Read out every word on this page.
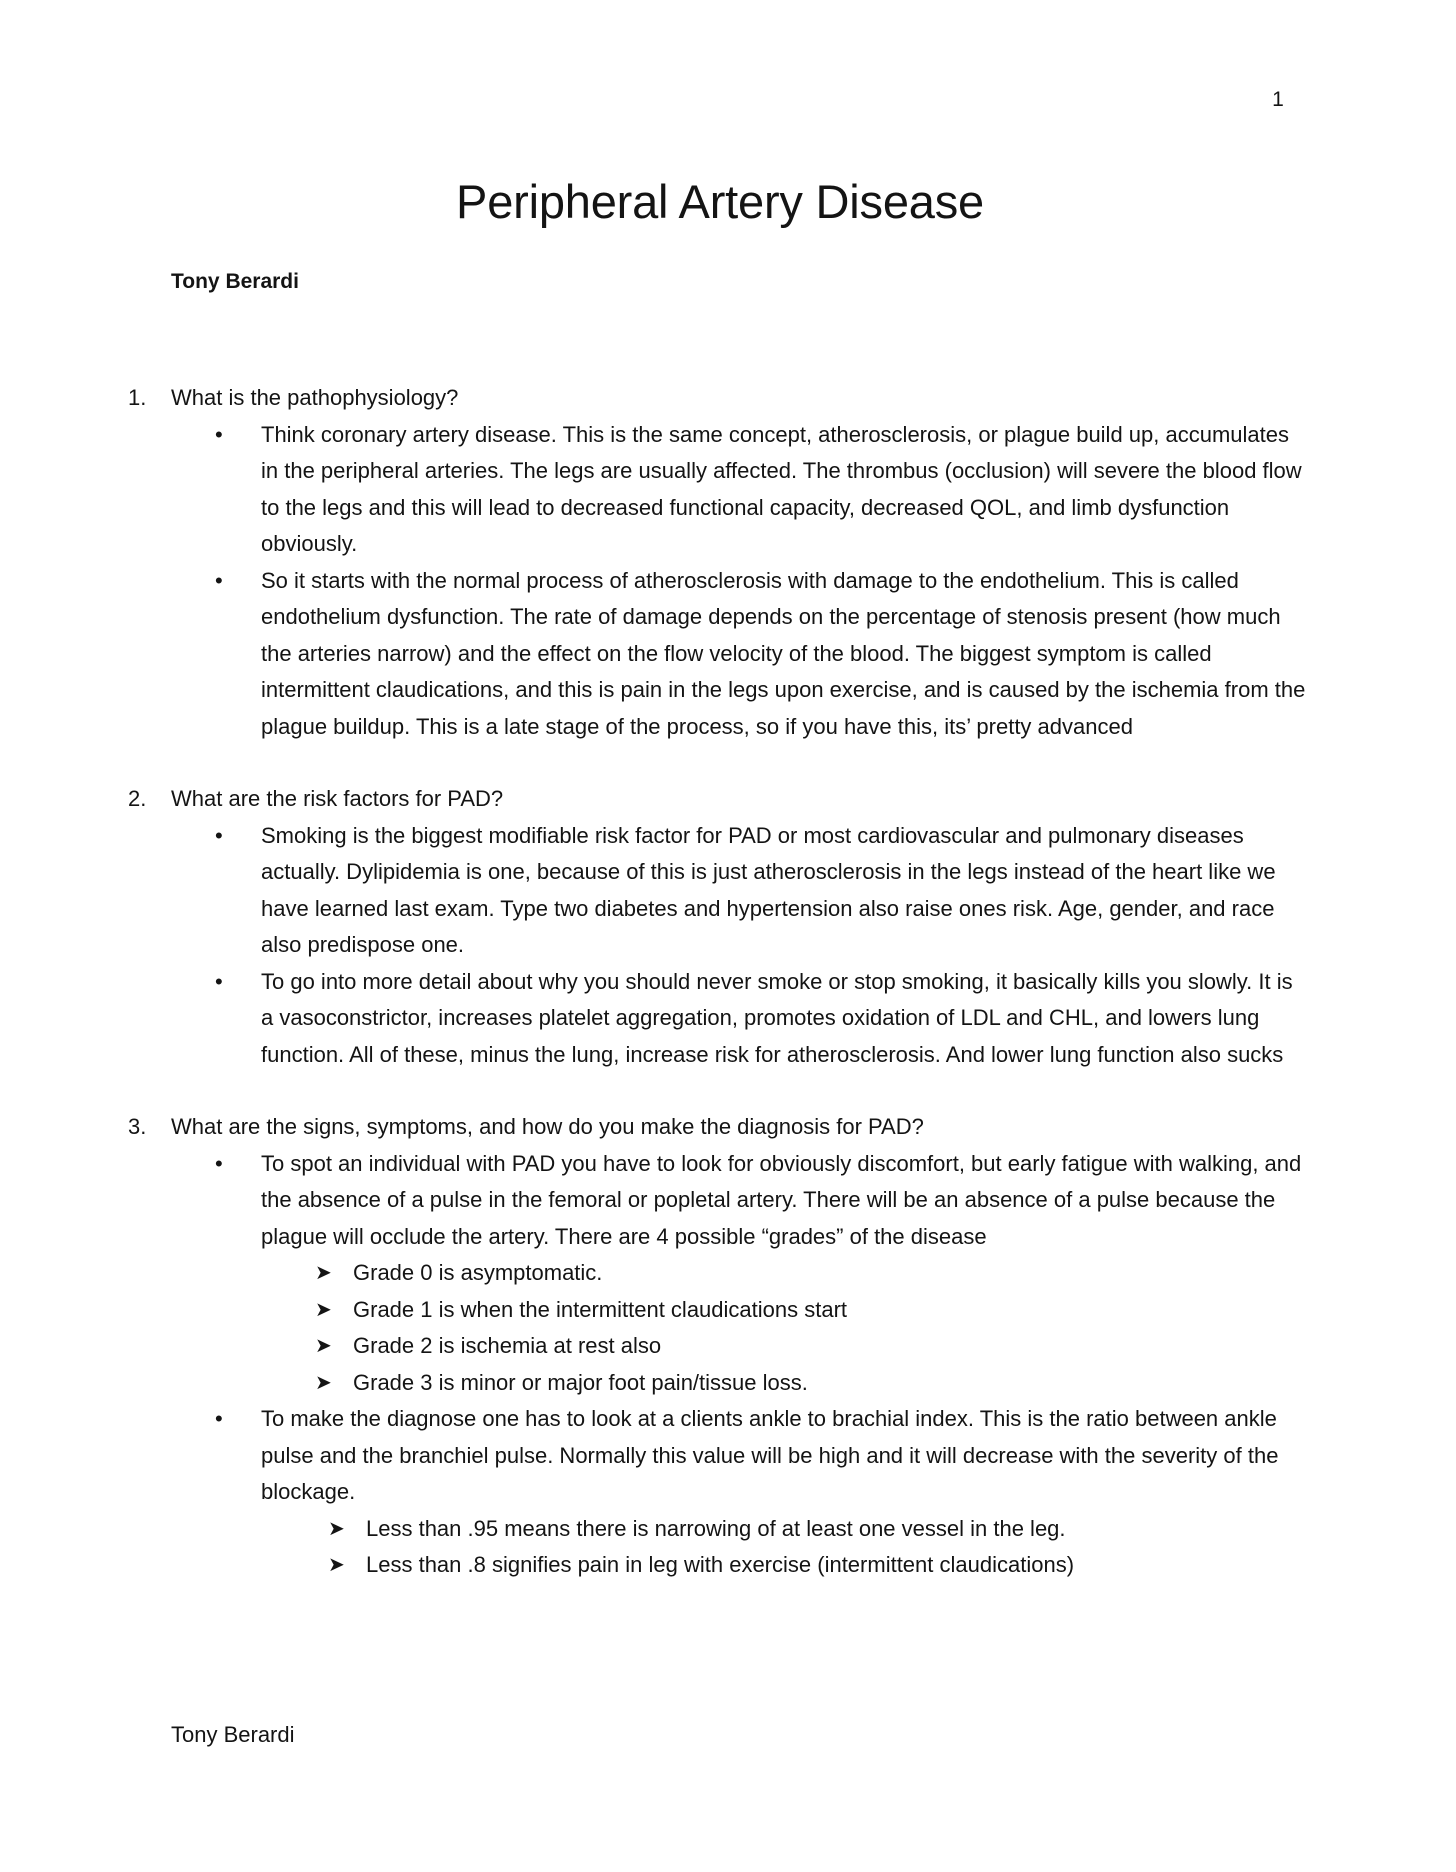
1
Peripheral Artery Disease
Tony Berardi

1. What is the pathophysiology?

• Think coronary artery disease. This is the same concept, atherosclerosis, or plague build up, accumulates in the peripheral arteries. The legs are usually affected. The thrombus (occlusion) will severe the blood flow to the legs and this will lead to decreased functional capacity, decreased QOL, and limb dysfunction obviously.
• So it starts with the normal process of atherosclerosis with damage to the endothelium. This is called endothelium dysfunction. The rate of damage depends on the percentage of stenosis present (how much the arteries narrow) and the effect on the flow velocity of the blood. The biggest symptom is called intermittent claudications, and this is pain in the legs upon exercise, and is caused by the ischemia from the plague buildup. This is a late stage of the process, so if you have this, its’ pretty advanced

2. What are the risk factors for PAD?

• Smoking is the biggest modifiable risk factor for PAD or most cardiovascular and pulmonary diseases actually. Dylipidemia is one, because of this is just atherosclerosis in the legs instead of the heart like we have learned last exam. Type two diabetes and hypertension also raise ones risk. Age, gender, and race also predispose one.
• To go into more detail about why you should never smoke or stop smoking, it basically kills you slowly. It is a vasoconstrictor, increases platelet aggregation, promotes oxidation of LDL and CHL, and lowers lung function. All of these, minus the lung, increase risk for atherosclerosis. And lower lung function also sucks

3. What are the signs, symptoms, and how do you make the diagnosis for PAD?

• To spot an individual with PAD you have to look for obviously discomfort, but early fatigue with walking, and the absence of a pulse in the femoral or popletal artery. There will be an absence of a pulse because the plague will occlude the artery. There are 4 possible “grades” of the disease
➤ Grade 0 is asymptomatic.
➤ Grade 1 is when the intermittent claudications start
➤ Grade 2 is ischemia at rest also
➤ Grade 3 is minor or major foot pain/tissue loss.
• To make the diagnose one has to look at a clients ankle to brachial index. This is the ratio between ankle pulse and the branchiel pulse. Normally this value will be high and it will decrease with the severity of the blockage.
➤ Less than .95 means there is narrowing of at least one vessel in the leg.
➤ Less than .8 signifies pain in leg with exercise (intermittent claudications)
Tony Berardi
